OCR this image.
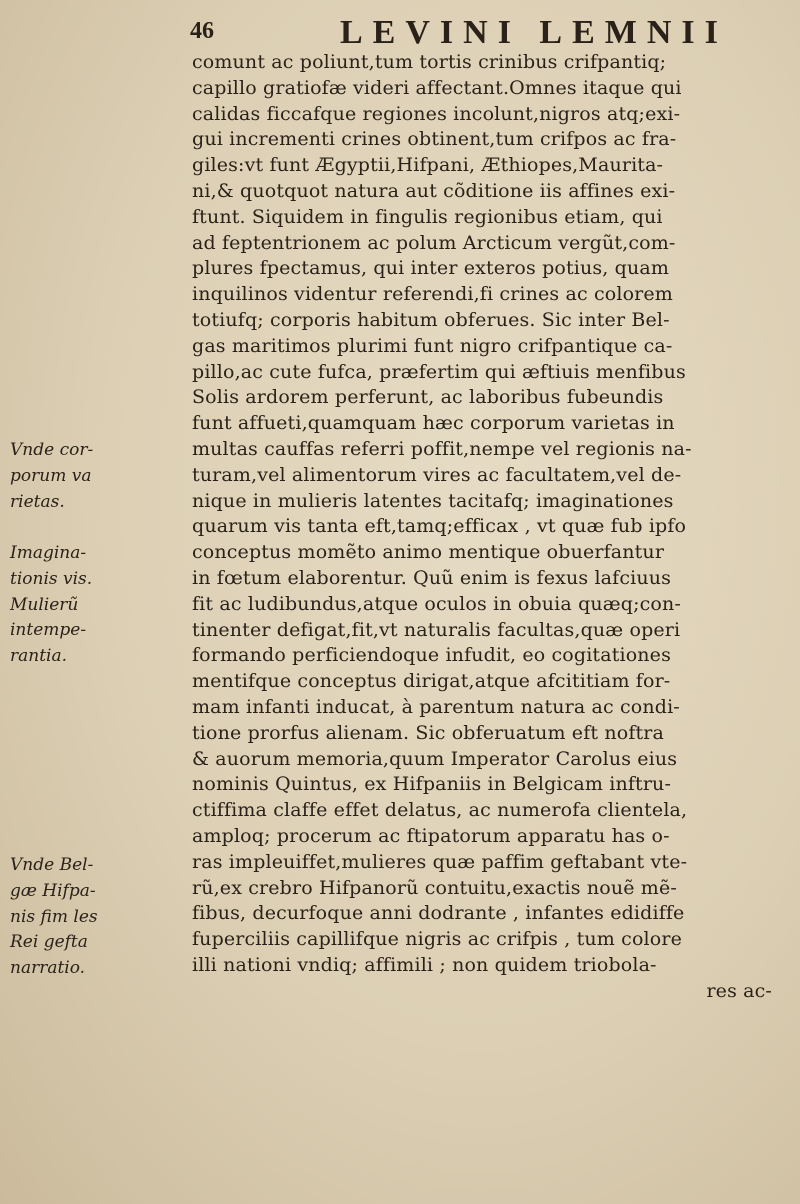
46	LEVINI LEMNII
comunt ac poliunt,tum tortis crinibus crifpantiq;
capillo gratiofæ videri affectant.Omnes itaque qui
calidas ficcafque regiones incolunt,nigros atq;exi-
gui incrementi crines obtinent,tum crifpos ac fra-
giles:vt funt Ægyptii,Hifpani, Æthiopes,Maurita-
ni,& quotquot natura aut cõditione iis affines exi-
ftunt. Siquidem in fingulis regionibus etiam, qui
ad feptentrionem ac polum Arcticum vergũt,com-
plures fpectamus, qui inter exteros potius, quam
inquilinos videntur referendi,fi crines ac colorem
totiufq; corporis habitum obferues. Sic inter Bel-
gas maritimos plurimi funt nigro crifpantique ca-
pillo,ac cute fufca, præfertim qui æftiuis menfibus
Solis ardorem perferunt, ac laboribus fubeundis
funt affueti,quamquam hæc corporum varietas in
multas cauffas referri poffit,nempe vel regionis na-
turam,vel alimentorum vires ac facultatem,vel de-
nique in mulieris latentes tacitafq; imaginationes
quarum vis tanta eft,tamq;efficax , vt quæ fub ipfo
conceptus momẽto animo mentique obuerfantur
in fœtum elaborentur. Quũ enim is fexus lafciuus
fit ac ludibundus,atque oculos in obuia quæq;con-
tinenter defigat,fit,vt naturalis facultas,quæ operi
formando perficiendoque infudit, eo cogitationes
mentifque conceptus dirigat,atque afcititiam for-
mam infanti inducat, à parentum natura ac condi-
tione prorfus alienam. Sic obferuatum eft noftra
& auorum memoria,quum Imperator Carolus eius
nominis Quintus, ex Hifpaniis in Belgicam inftru-
ctiffima claffe effet delatus, ac numerofa clientela,
amploq; procerum ac ftipatorum apparatu has o-
ras impleuiffet,mulieres quæ paffim geftabant vte-
rũ,ex crebro Hifpanorũ contuitu,exactis nouẽ mẽ-
fibus, decurfoque anni dodrante , infantes edidiffe
fuperciliis capillifque nigris ac crifpis , tum colore
illi nationi vndiq; affimili ; non quidem triobola-
res ac-
Vnde cor-
porum va
rietas.
Imagina-
tionis vis.
Mulierũ
intempe-
rantia.
Vnde Bel-
gæ Hifpa-
nis fim les
Rei gefta
narratio.
